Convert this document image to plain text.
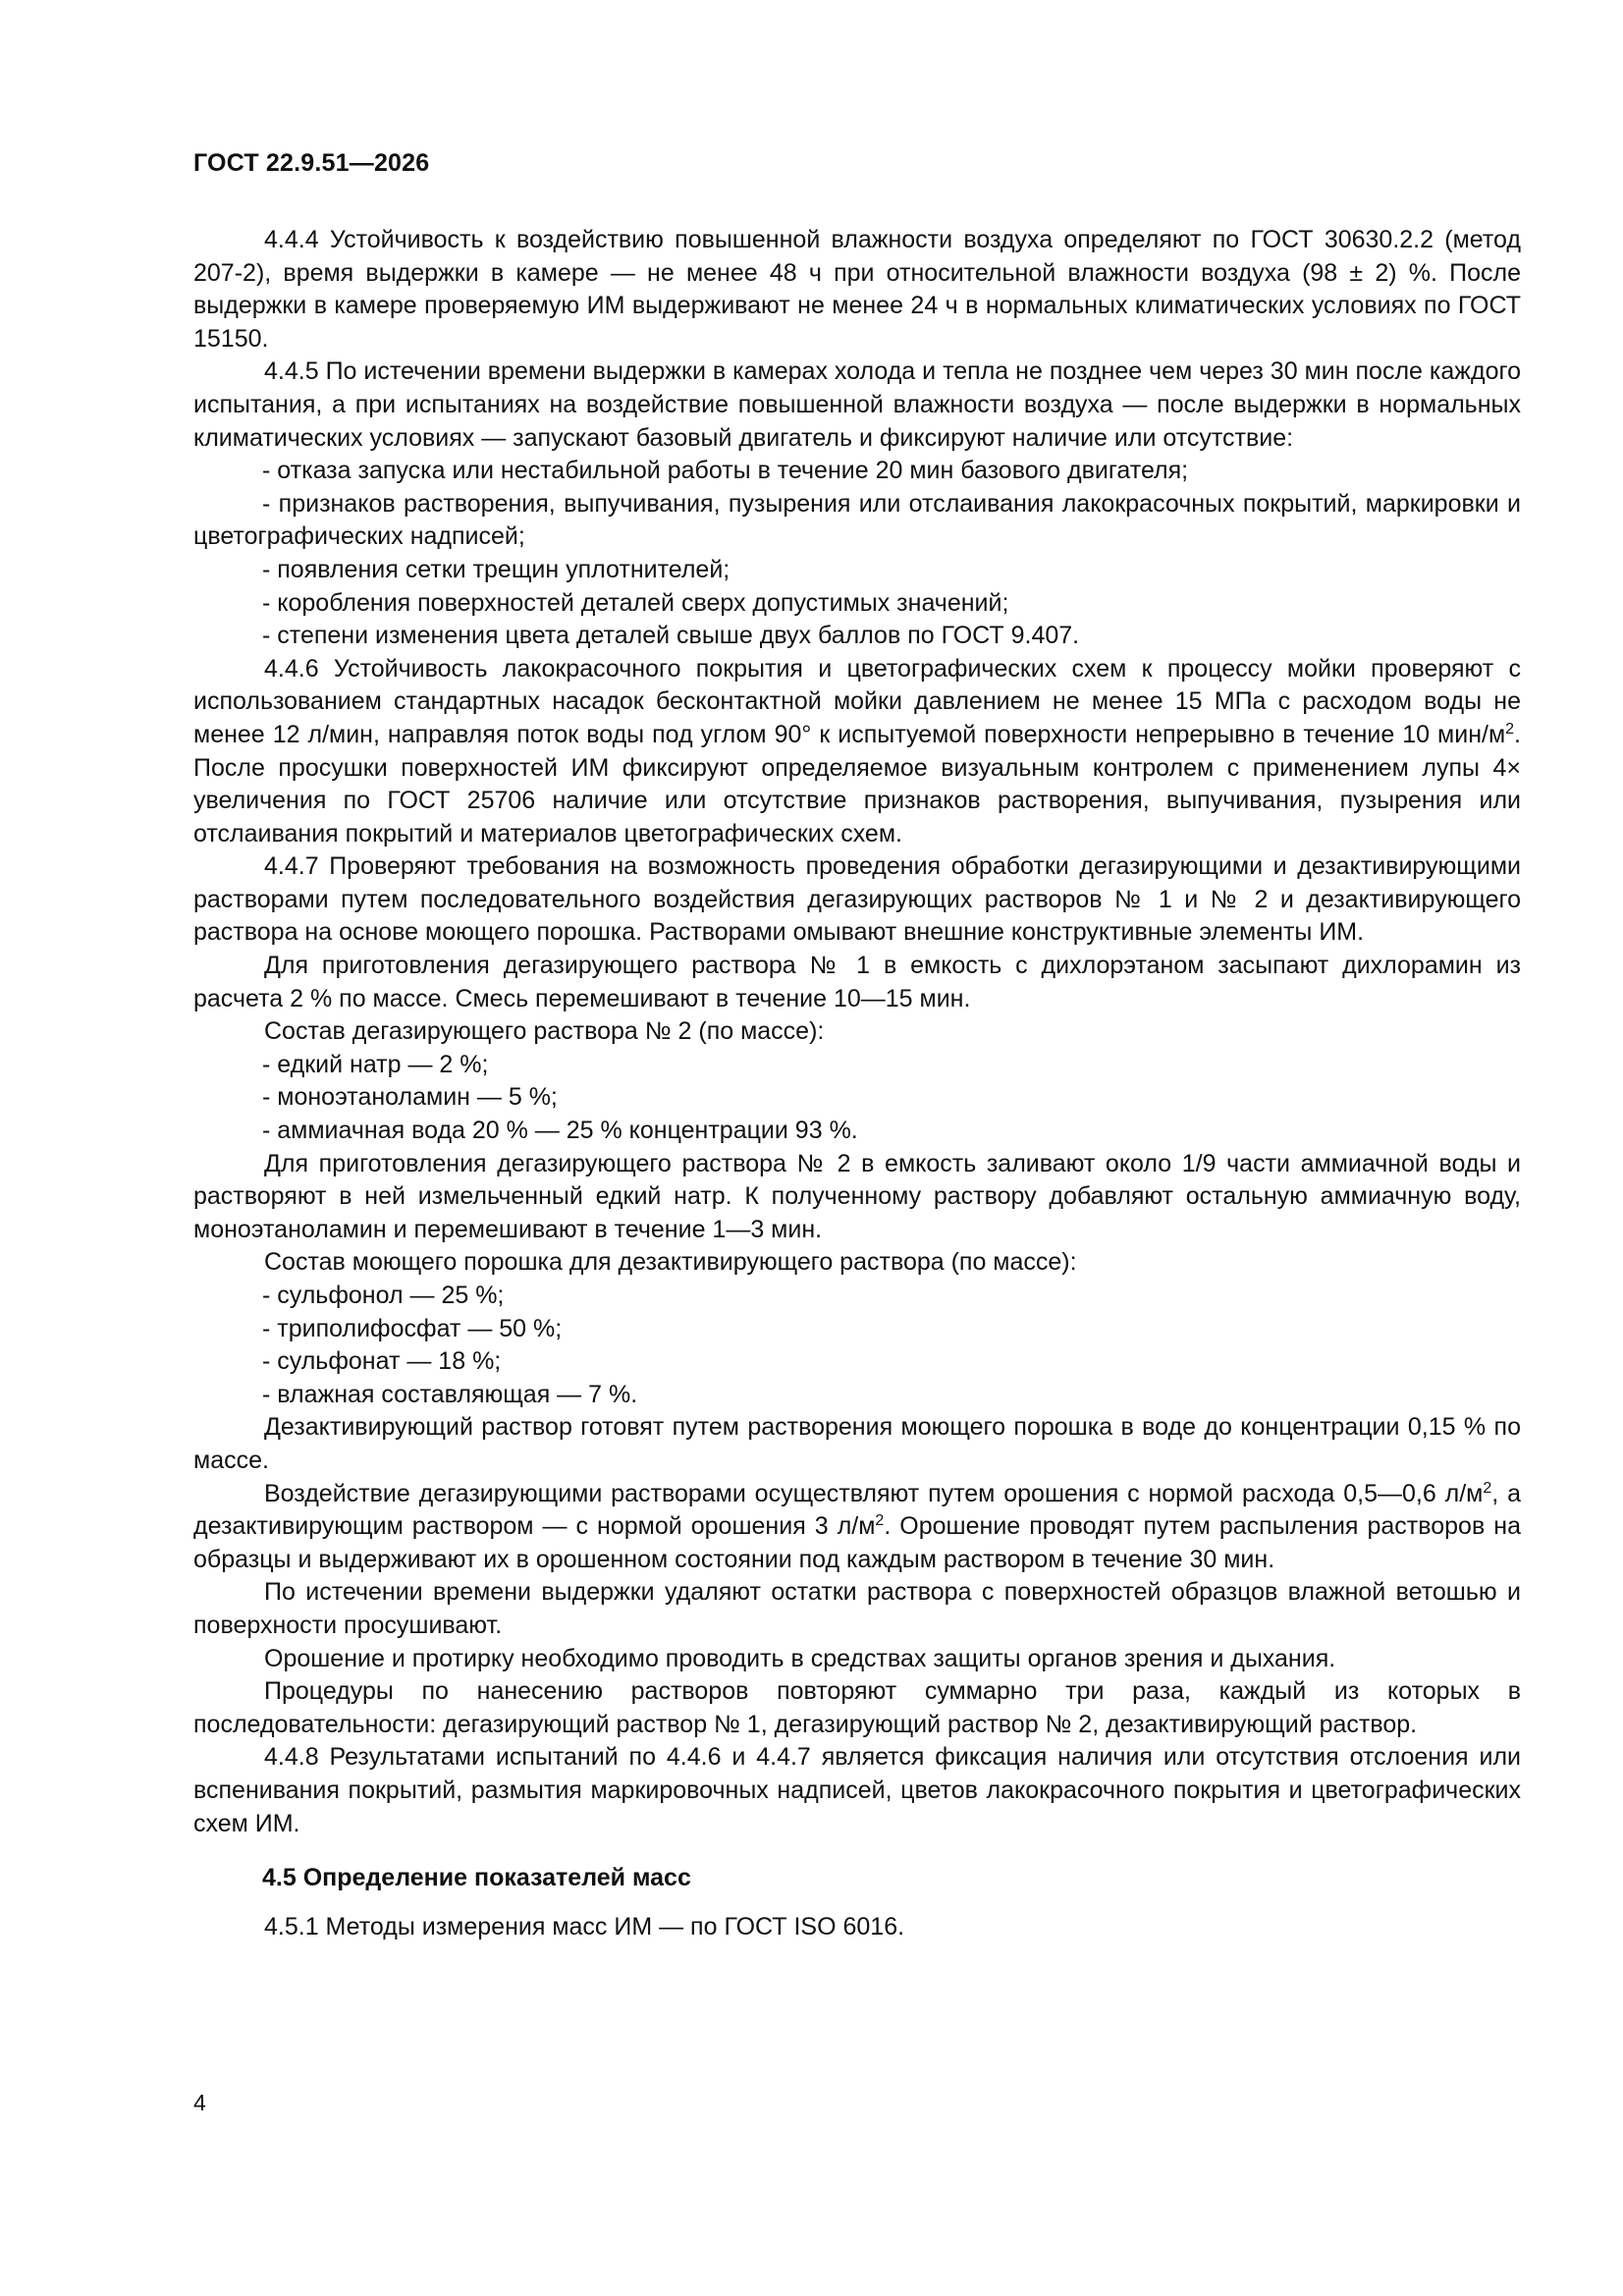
ГОСТ 22.9.51—2026

4.4.4 Устойчивость к воздействию повышенной влажности воздуха определяют по ГОСТ 30630.2.2 (метод 207-2), время выдержки в камере — не менее 48 ч при относительной влажности воздуха (98 ± 2) %. После выдержки в камере проверяемую ИМ выдерживают не менее 24 ч в нормальных климатических условиях по ГОСТ 15150.

4.4.5 По истечении времени выдержки в камерах холода и тепла не позднее чем через 30 мин после каждого испытания, а при испытаниях на воздействие повышенной влажности воздуха — после выдержки в нормальных климатических условиях — запускают базовый двигатель и фиксируют наличие или отсутствие:

- отказа запуска или нестабильной работы в течение 20 мин базового двигателя;

- признаков растворения, выпучивания, пузырения или отслаивания лакокрасочных покрытий, маркировки и цветографических надписей;

- появления сетки трещин уплотнителей;

- коробления поверхностей деталей сверх допустимых значений;

- степени изменения цвета деталей свыше двух баллов по ГОСТ 9.407.

4.4.6 Устойчивость лакокрасочного покрытия и цветографических схем к процессу мойки проверяют с использованием стандартных насадок бесконтактной мойки давлением не менее 15 МПа с расходом воды не менее 12 л/мин, направляя поток воды под углом 90° к испытуемой поверхности непрерывно в течение 10 мин/$м^2$. После просушки поверхностей ИМ фиксируют определяемое визуальным контролем с применением лупы 4× увеличения по ГОСТ 25706 наличие или отсутствие признаков растворения, выпучивания, пузырения или отслаивания покрытий и материалов цветографических схем.

4.4.7 Проверяют требования на возможность проведения обработки дегазирующими и дезактивирующими растворами путем последовательного воздействия дегазирующих растворов № 1 и № 2 и дезактивирующего раствора на основе моющего порошка. Растворами омывают внешние конструктивные элементы ИМ.

Для приготовления дегазирующего раствора № 1 в емкость с дихлорэтаном засыпают дихлорамин из расчета 2 % по массе. Смесь перемешивают в течение 10—15 мин.

Состав дегазирующего раствора № 2 (по массе):

- едкий натр — 2 %;

- моноэтаноламин — 5 %;

- аммиачная вода 20 % — 25 % концентрации 93 %.

Для приготовления дегазирующего раствора № 2 в емкость заливают около 1/9 части аммиачной воды и растворяют в ней измельченный едкий натр. К полученному раствору добавляют остальную аммиачную воду, моноэтаноламин и перемешивают в течение 1—3 мин.

Состав моющего порошка для дезактивирующего раствора (по массе):

- сульфонол — 25 %;

- триполифосфат — 50 %;

- сульфонат — 18 %;

- влажная составляющая — 7 %.

Дезактивирующий раствор готовят путем растворения моющего порошка в воде до концентрации 0,15 % по массе.

Воздействие дегазирующими растворами осуществляют путем орошения с нормой расхода 0,5—0,6 $л/м^2$, а дезактивирующим раствором — с нормой орошения 3 $л/м^2$. Орошение проводят путем распыления растворов на образцы и выдерживают их в орошенном состоянии под каждым раствором в течение 30 мин.

По истечении времени выдержки удаляют остатки раствора с поверхностей образцов влажной ветошью и поверхности просушивают.

Орошение и протирку необходимо проводить в средствах защиты органов зрения и дыхания.

Процедуры по нанесению растворов повторяют суммарно три раза, каждый из которых в последовательности: дегазирующий раствор № 1, дегазирующий раствор № 2, дезактивирующий раствор.

4.4.8 Результатами испытаний по 4.4.6 и 4.4.7 является фиксация наличия или отсутствия отслоения или вспенивания покрытий, размытия маркировочных надписей, цветов лакокрасочного покрытия и цветографических схем ИМ.

4.5 Определение показателей масс

4.5.1 Методы измерения масс ИМ — по ГОСТ ISO 6016.

4
